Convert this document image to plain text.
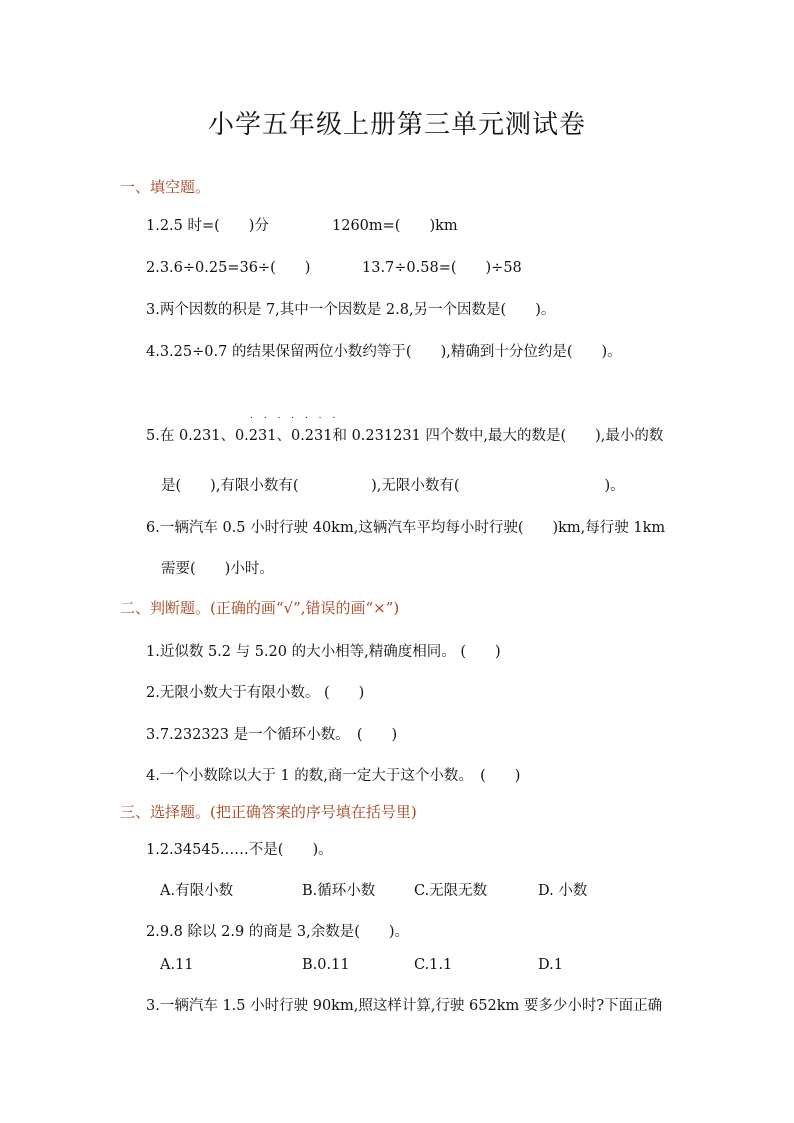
小学五年级上册第三单元测试卷
一、填空题。
1.2.5 时=(　　)分	1260m=(　　)km
2.3.6÷0.25=36÷(　　)	13.7÷0.58=(　　)÷58
3.两个因数的积是 7,其中一个因数是 2.8,另一个因数是(　　)。
4.3.25÷0.7 的结果保留两位小数约等于(　　),精确到十分位约是(　　)。
. . . . . . .
5.在 0.231、0.231、0.231和 0.231231 四个数中,最大的数是(　　),最小的数
是(　　),有限小数有(　　　　　),无限小数有(　　　　　　　　　　)。
6.一辆汽车 0.5 小时行驶 40km,这辆汽车平均每小时行驶(　　)km,每行驶 1km
需要(　　)小时。
二、判断题。(正确的画“√”,错误的画“×”)
1.近似数 5.2 与 5.20 的大小相等,精确度相同。 (　　)
2.无限小数大于有限小数。 (　　)
3.7.232323 是一个循环小数。　(　　)
4.一个小数除以大于 1 的数,商一定大于这个小数。　(　　)
三、选择题。(把正确答案的序号填在括号里)
1.2.34545……不是(　　)。
A.有限小数	B.循环小数	C.无限无数	D. 小数
2.9.8 除以 2.9 的商是 3,余数是(　　)。
A.11	B.0.11	C.1.1	D.1
3.一辆汽车 1.5 小时行驶 90km,照这样计算,行驶 652km 要多少小时?下面正确
